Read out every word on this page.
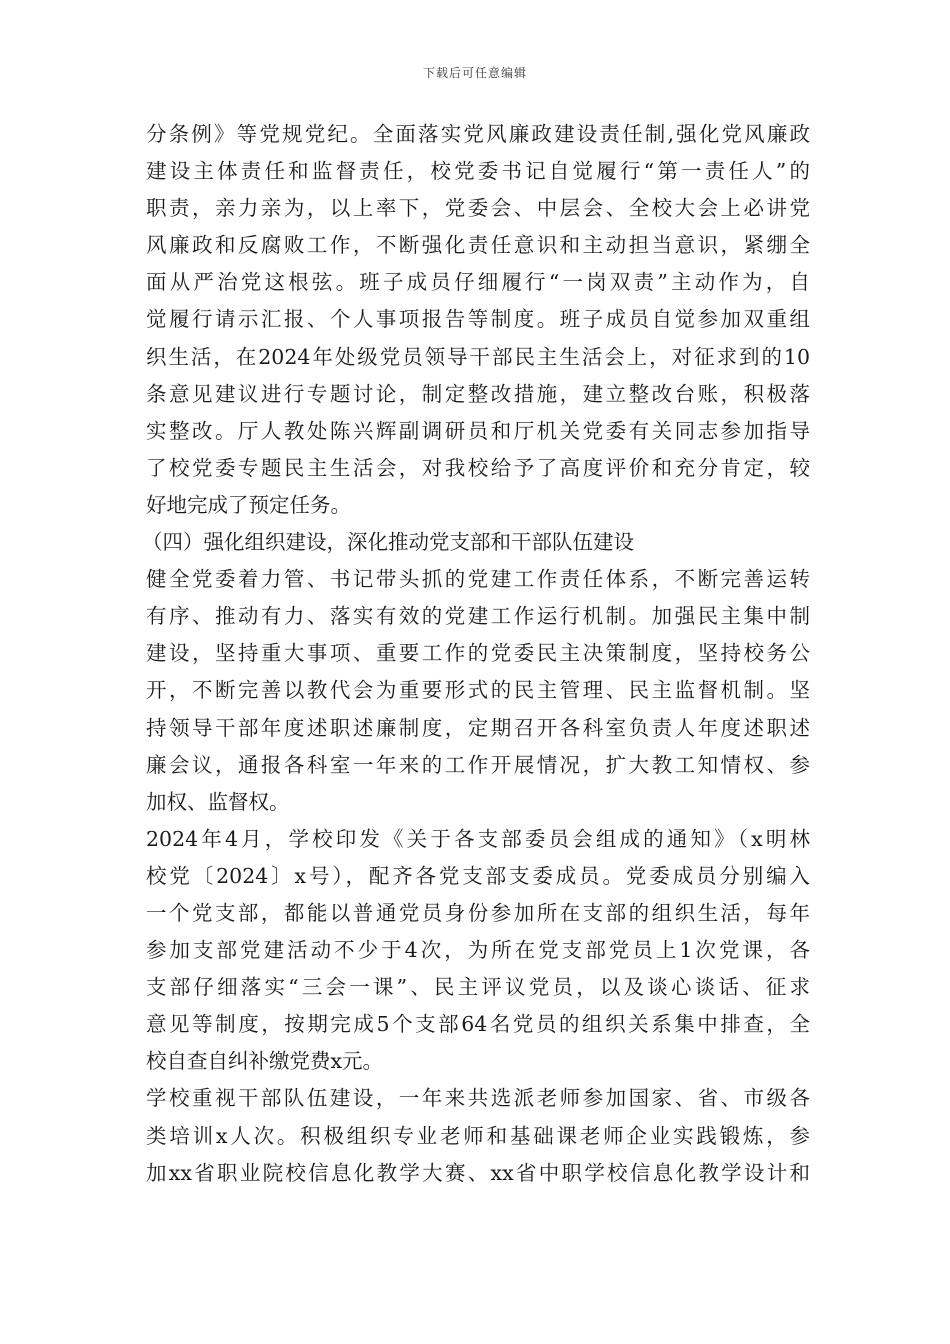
下载后可任意编辑
分条例》等党规党纪。全面落实党风廉政建设责任制,强化党风廉政
建设主体责任和监督责任，校党委书记自觉履行“第一责任人”的
职责，亲力亲为，以上率下，党委会、中层会、全校大会上必讲党
风廉政和反腐败工作，不断强化责任意识和主动担当意识，紧绷全
面从严治党这根弦。班子成员仔细履行“一岗双责”主动作为，自
觉履行请示汇报、个人事项报告等制度。班子成员自觉参加双重组
织生活，在2024年处级党员领导干部民主生活会上，对征求到的10
条意见建议进行专题讨论，制定整改措施，建立整改台账，积极落
实整改。厅人教处陈兴辉副调研员和厅机关党委有关同志参加指导
了校党委专题民主生活会，对我校给予了高度评价和充分肯定，较
好地完成了预定任务。
（四）强化组织建设，深化推动党支部和干部队伍建设
健全党委着力管、书记带头抓的党建工作责任体系，不断完善运转
有序、推动有力、落实有效的党建工作运行机制。加强民主集中制
建设，坚持重大事项、重要工作的党委民主决策制度，坚持校务公
开，不断完善以教代会为重要形式的民主管理、民主监督机制。坚
持领导干部年度述职述廉制度，定期召开各科室负责人年度述职述
廉会议，通报各科室一年来的工作开展情况，扩大教工知情权、参
加权、监督权。
2024年4月，学校印发《关于各支部委员会组成的通知》（x明林
校党〔2024〕x号），配齐各党支部支委成员。党委成员分别编入
一个党支部，都能以普通党员身份参加所在支部的组织生活，每年
参加支部党建活动不少于4次，为所在党支部党员上1次党课，各
支部仔细落实“三会一课”、民主评议党员，以及谈心谈话、征求
意见等制度，按期完成5个支部64名党员的组织关系集中排查，全
校自查自纠补缴党费x元。
学校重视干部队伍建设，一年来共选派老师参加国家、省、市级各
类培训x人次。积极组织专业老师和基础课老师企业实践锻炼，参
加xx省职业院校信息化教学大赛、xx省中职学校信息化教学设计和
